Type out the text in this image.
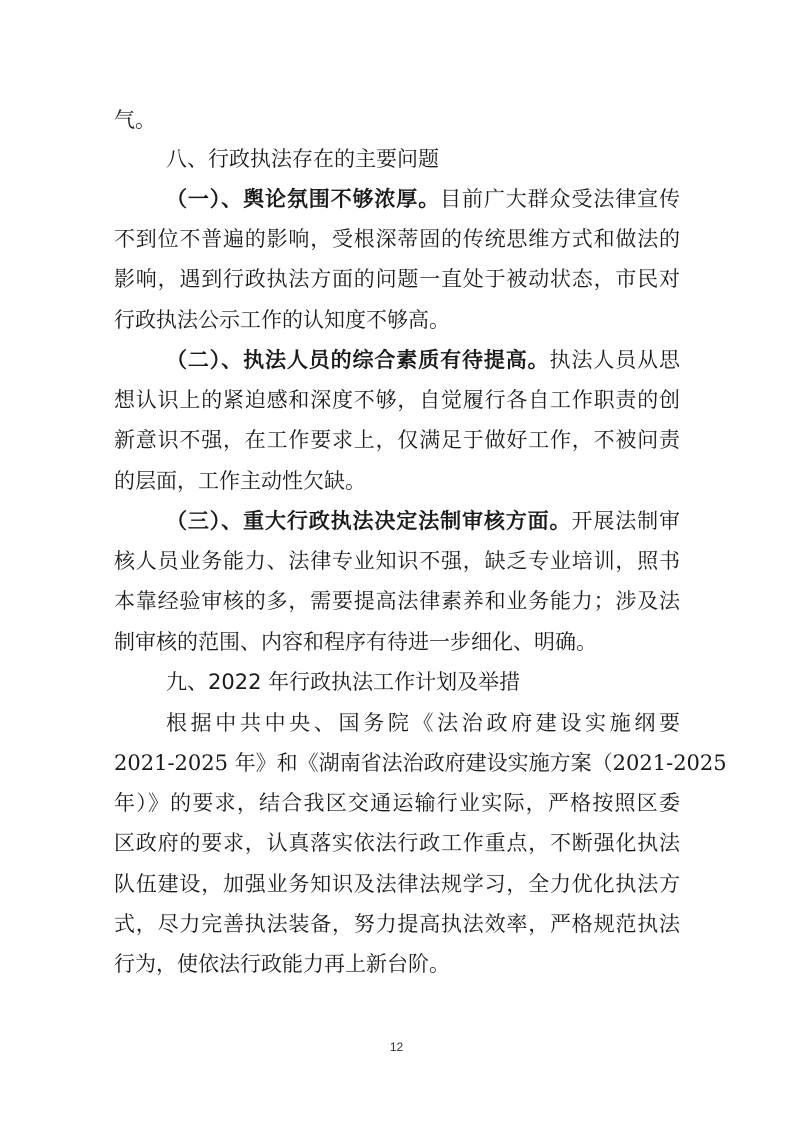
气。
八、行政执法存在的主要问题
（一）、舆论氛围不够浓厚。目前广大群众受法律宣传
不到位不普遍的影响，受根深蒂固的传统思维方式和做法的
影响，遇到行政执法方面的问题一直处于被动状态，市民对
行政执法公示工作的认知度不够高。
（二）、执法人员的综合素质有待提高。执法人员从思
想认识上的紧迫感和深度不够，自觉履行各自工作职责的创
新意识不强，在工作要求上，仅满足于做好工作，不被问责
的层面，工作主动性欠缺。
（三）、重大行政执法决定法制审核方面。开展法制审
核人员业务能力、法律专业知识不强，缺乏专业培训，照书
本靠经验审核的多，需要提高法律素养和业务能力；涉及法
制审核的范围、内容和程序有待进一步细化、明确。
九、2022 年行政执法工作计划及举措
根据中共中央、国务院《法治政府建设实施纲要
2021-2025 年》和《湖南省法治政府建设实施方案（2021-2025
年）》的要求，结合我区交通运输行业实际，严格按照区委
区政府的要求，认真落实依法行政工作重点，不断强化执法
队伍建设，加强业务知识及法律法规学习，全力优化执法方
式，尽力完善执法装备，努力提高执法效率，严格规范执法
行为，使依法行政能力再上新台阶。
12
